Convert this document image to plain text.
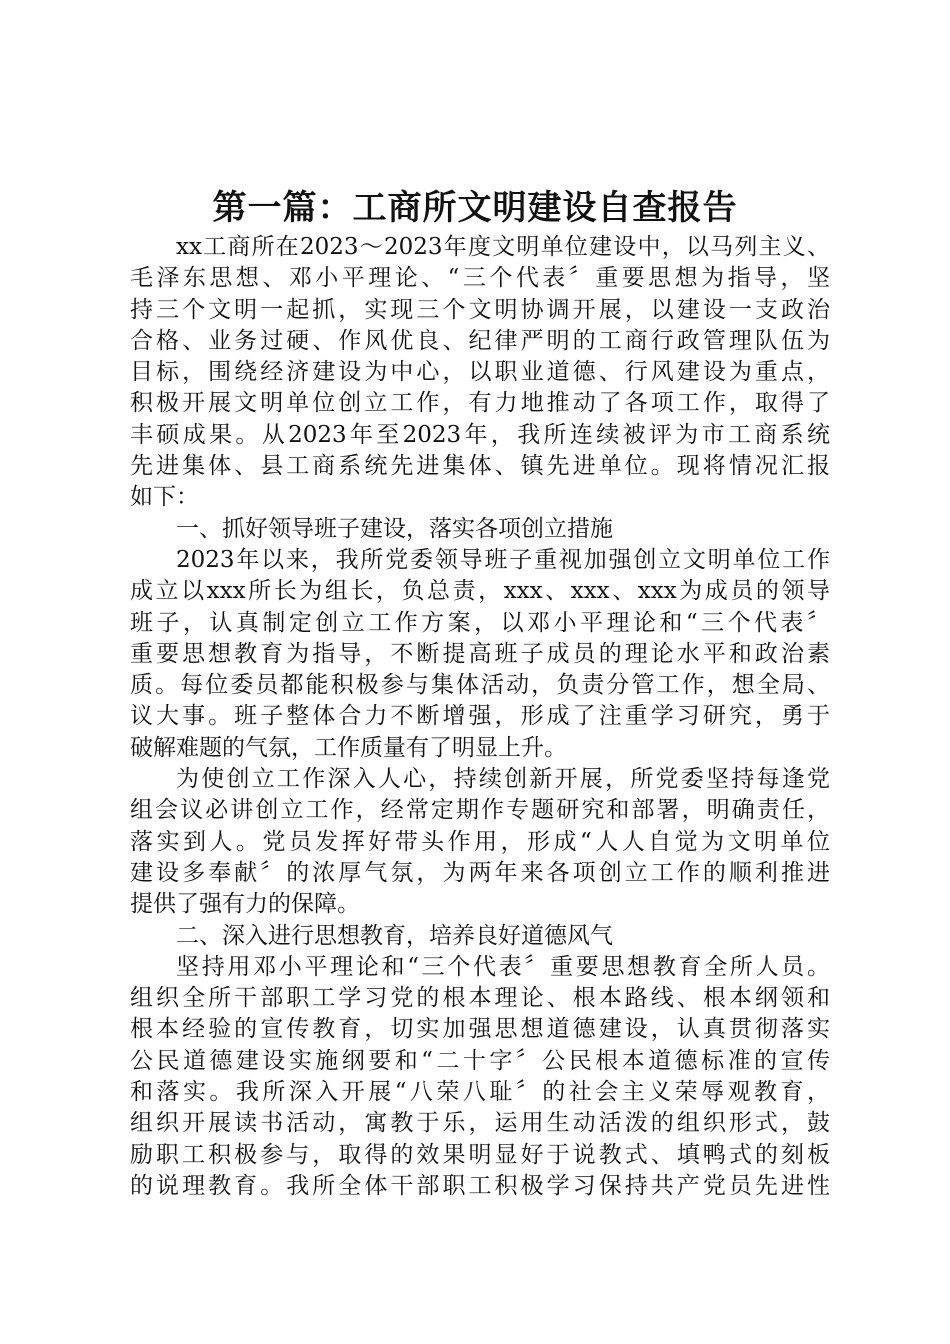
第一篇：工商所文明建设自查报告
xx工商所在2023～2023年度文明单位建设中，以马列主义、
毛泽东思想、邓小平理论、“三个代表〞重要思想为指导，坚
持三个文明一起抓，实现三个文明协调开展，以建设一支政治
合格、业务过硬、作风优良、纪律严明的工商行政管理队伍为
目标，围绕经济建设为中心，以职业道德、行风建设为重点，
积极开展文明单位创立工作，有力地推动了各项工作，取得了
丰硕成果。从2023年至2023年，我所连续被评为市工商系统
先进集体、县工商系统先进集体、镇先进单位。现将情况汇报
如下：
一、抓好领导班子建设，落实各项创立措施
2023年以来，我所党委领导班子重视加强创立文明单位工作
成立以xxx所长为组长，负总责，xxx、xxx、xxx为成员的领导
班子，认真制定创立工作方案，以邓小平理论和“三个代表〞
重要思想教育为指导，不断提高班子成员的理论水平和政治素
质。每位委员都能积极参与集体活动，负责分管工作，想全局、
议大事。班子整体合力不断增强，形成了注重学习研究，勇于
破解难题的气氛，工作质量有了明显上升。
为使创立工作深入人心，持续创新开展，所党委坚持每逢党
组会议必讲创立工作，经常定期作专题研究和部署，明确责任，
落实到人。党员发挥好带头作用，形成“人人自觉为文明单位
建设多奉献〞的浓厚气氛，为两年来各项创立工作的顺利推进
提供了强有力的保障。
二、深入进行思想教育，培养良好道德风气
坚持用邓小平理论和“三个代表〞重要思想教育全所人员。
组织全所干部职工学习党的根本理论、根本路线、根本纲领和
根本经验的宣传教育，切实加强思想道德建设，认真贯彻落实
公民道德建设实施纲要和“二十字〞公民根本道德标准的宣传
和落实。我所深入开展“八荣八耻〞的社会主义荣辱观教育，
组织开展读书活动，寓教于乐，运用生动活泼的组织形式，鼓
励职工积极参与，取得的效果明显好于说教式、填鸭式的刻板
的说理教育。我所全体干部职工积极学习保持共产党员先进性
